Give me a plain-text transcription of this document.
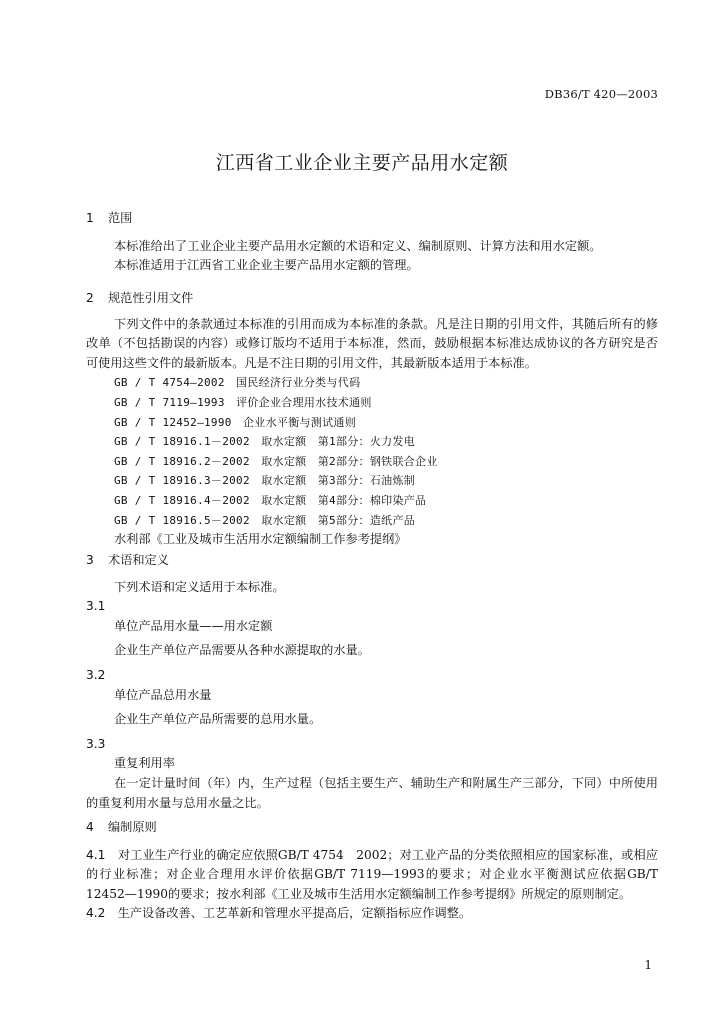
DB36/T 420—2003
江西省工业企业主要产品用水定额
1 范围
本标准给出了工业企业主要产品用水定额的术语和定义、编制原则、计算方法和用水定额。
本标准适用于江西省工业企业主要产品用水定额的管理。
2 规范性引用文件
下列文件中的条款通过本标准的引用而成为本标准的条款。凡是注日期的引用文件，其随后所有的修改单（不包括勘误的内容）或修订版均不适用于本标准，然而，鼓励根据本标准达成协议的各方研究是否可使用这些文件的最新版本。凡是不注日期的引用文件，其最新版本适用于本标准。
GB / T 4754—2002　 国民经济行业分类与代码
GB / T 7119—1993　 评价企业合理用水技术通则
GB / T 12452—1990　 企业水平衡与测试通则
GB / T 18916.1－2002　 取水定额　第1部分：火力发电
GB / T 18916.2－2002　 取水定额　第2部分：钢铁联合企业
GB / T 18916.3－2002　 取水定额　第3部分：石油炼制
GB / T 18916.4－2002　 取水定额　第4部分：棉印染产品
GB / T 18916.5－2002　 取水定额　第5部分：造纸产品
水利部《工业及城市生活用水定额编制工作参考提纲》
3 术语和定义
下列术语和定义适用于本标准。
3.1
单位产品用水量——用水定额
企业生产单位产品需要从各种水源提取的水量。
3.2
单位产品总用水量
企业生产单位产品所需要的总用水量。
3.3
重复利用率
在一定计量时间（年）内，生产过程（包括主要生产、辅助生产和附属生产三部分，下同）中所使用的重复利用水量与总用水量之比。
4 编制原则
4.1　 对工业生产行业的确定应依照GB/T 4754　2002；对工业产品的分类依照相应的国家标准，或相应的行业标准；对企业合理用水评价依据GB/T 7119—1993的要求；对企业水平衡测试应依据GB/T 12452—1990的要求；按水利部《工业及城市生活用水定额编制工作参考提纲》所规定的原则制定。
4.2　 生产设备改善、工艺革新和管理水平提高后，定额指标应作调整。
1
